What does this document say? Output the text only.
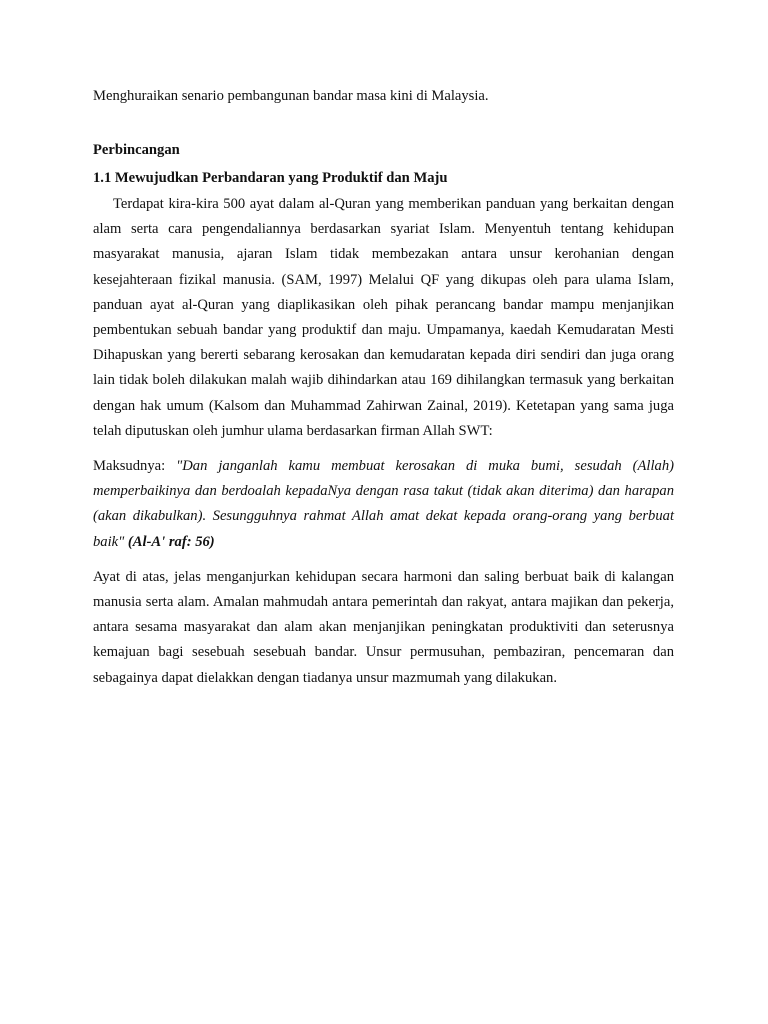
Menghuraikan senario pembangunan bandar masa kini di Malaysia.

Perbincangan
1.1 Mewujudkan Perbandaran yang Produktif dan Maju

Terdapat kira-kira 500 ayat dalam al-Quran yang memberikan panduan yang berkaitan dengan alam serta cara pengendaliannya berdasarkan syariat Islam. Menyentuh tentang kehidupan masyarakat manusia, ajaran Islam tidak membezakan antara unsur kerohanian dengan kesejahteraan fizikal manusia. (SAM, 1997) Melalui QF yang dikupas oleh para ulama Islam, panduan ayat al-Quran yang diaplikasikan oleh pihak perancang bandar mampu menjanjikan pembentukan sebuah bandar yang produktif dan maju. Umpamanya, kaedah Kemudaratan Mesti Dihapuskan yang bererti sebarang kerosakan dan kemudaratan kepada diri sendiri dan juga orang lain tidak boleh dilakukan malah wajib dihindarkan atau 169 dihilangkan termasuk yang berkaitan dengan hak umum (Kalsom dan Muhammad Zahirwan Zainal, 2019). Ketetapan yang sama juga telah diputuskan oleh jumhur ulama berdasarkan firman Allah SWT:

Maksudnya: "Dan janganlah kamu membuat kerosakan di muka bumi, sesudah (Allah) memperbaikinya dan berdoalah kepadaNya dengan rasa takut (tidak akan diterima) dan harapan (akan dikabulkan). Sesungguhnya rahmat Allah amat dekat kepada orang-orang yang berbuat baik" (Al-A' raf: 56)

Ayat di atas, jelas menganjurkan kehidupan secara harmoni dan saling berbuat baik di kalangan manusia serta alam. Amalan mahmudah antara pemerintah dan rakyat, antara majikan dan pekerja, antara sesama masyarakat dan alam akan menjanjikan peningkatan produktiviti dan seterusnya kemajuan bagi sesebuah sesebuah bandar. Unsur permusuhan, pembaziran, pencemaran dan sebagainya dapat dielakkan dengan tiadanya unsur mazmumah yang dilakukan.
